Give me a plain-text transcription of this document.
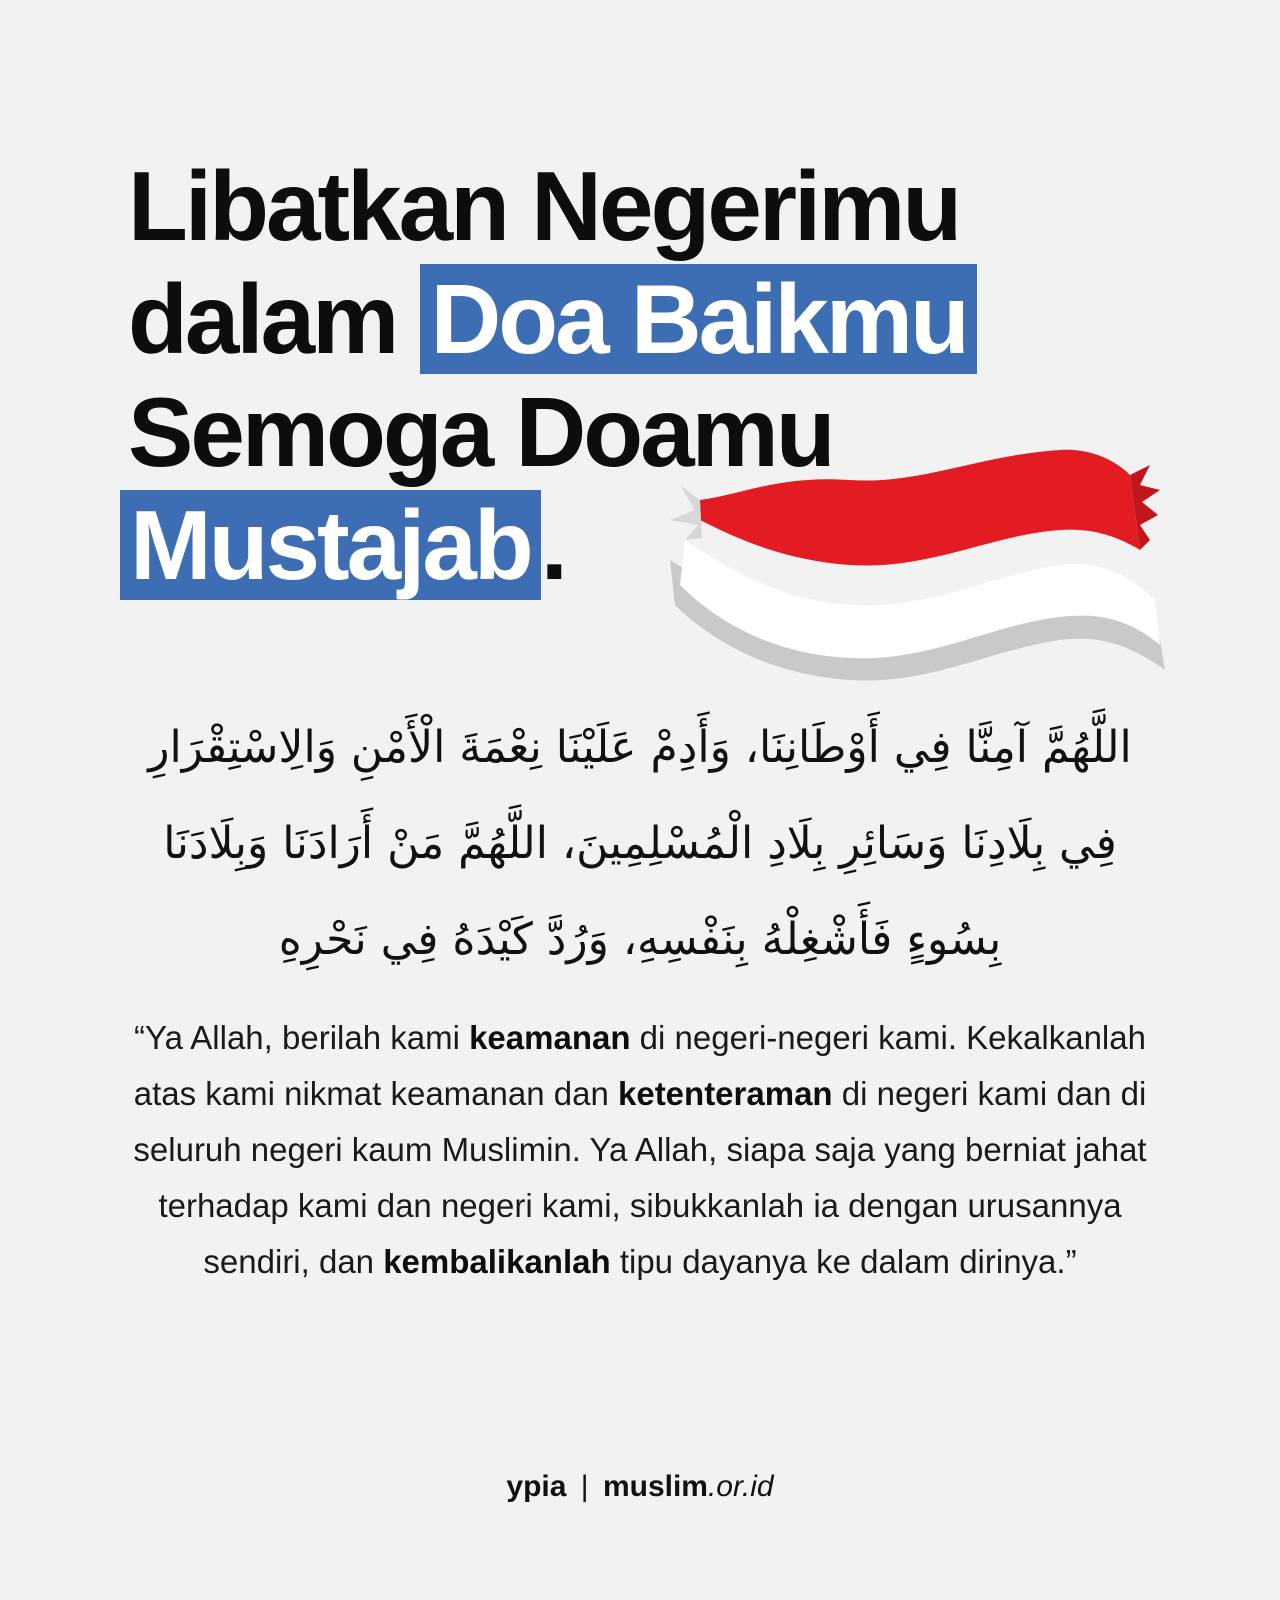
Libatkan Negerimu
dalam Doa Baikmu
Semoga Doamu
Mustajab .
اللَّهُمَّ آمِنَّا فِي أَوْطَانِنَا، وَأَدِمْ عَلَيْنَا نِعْمَةَ الْأَمْنِ وَالِاسْتِقْرَارِ فِي بِلَادِنَا وَسَائِرِ بِلَادِ الْمُسْلِمِينَ، اللَّهُمَّ مَنْ أَرَادَنَا وَبِلَادَنَا بِسُوءٍ فَأَشْغِلْهُ بِنَفْسِهِ، وَرُدَّ كَيْدَهُ فِي نَحْرِهِ
“Ya Allah, berilah kami keamanan di negeri-negeri kami. Kekalkanlah atas kami nikmat keamanan dan ketenteraman di negeri kami dan di seluruh negeri kaum Muslimin. Ya Allah, siapa saja yang berniat jahat terhadap kami dan negeri kami, sibukkanlah ia dengan urusannya sendiri, dan kembalikanlah tipu dayanya ke dalam dirinya.”
ypia | muslim.or.id
